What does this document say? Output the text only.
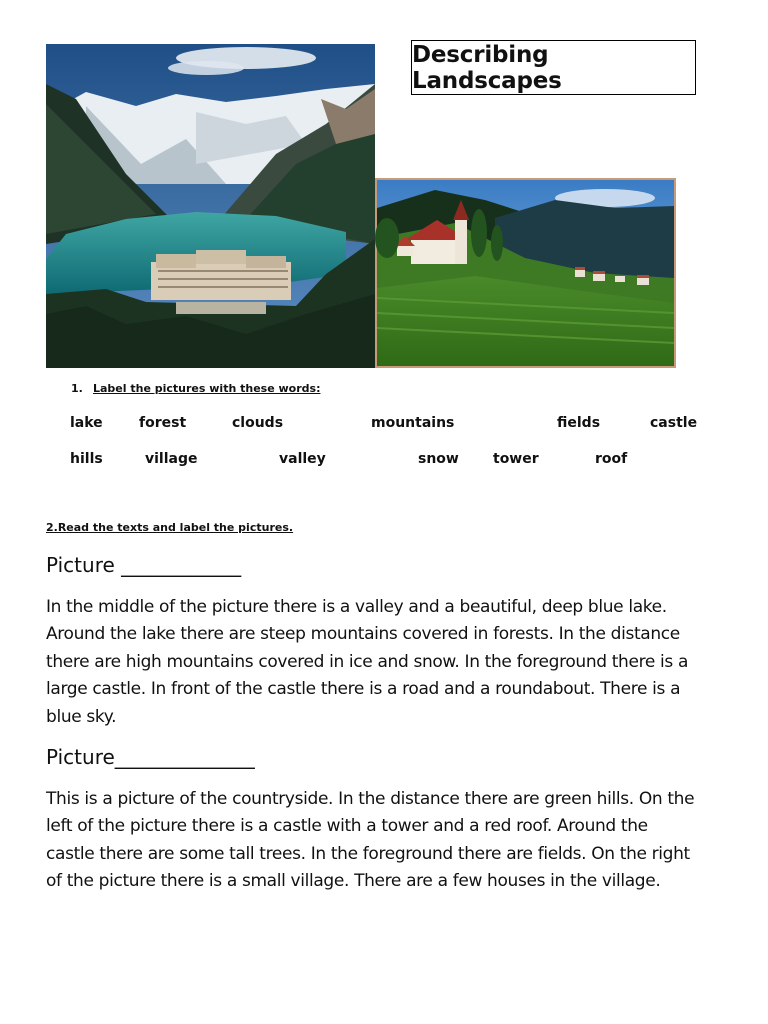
Describing Landscapes
1. Label the pictures with these words:
lake	forest	clouds	mountains	fields	castle
hills	village	valley	snow tower	roof
2.Read the texts and label the pictures.
Picture ____________

In the middle of the picture there is a valley and a beautiful, deep blue lake.

Around the lake there are steep mountains covered in forests. In the distance

there are high mountains covered in ice and snow. In the foreground there is a

large castle. In front of the castle there is a road and a roundabout. There is a

blue sky.

Picture______________

This is a picture of the countryside. In the distance there are green hills. On the

left of the picture there is a castle with a tower and a red roof. Around the

castle there are some tall trees. In the foreground there are fields. On the right

of the picture there is a small village. There are a few houses in the village.
